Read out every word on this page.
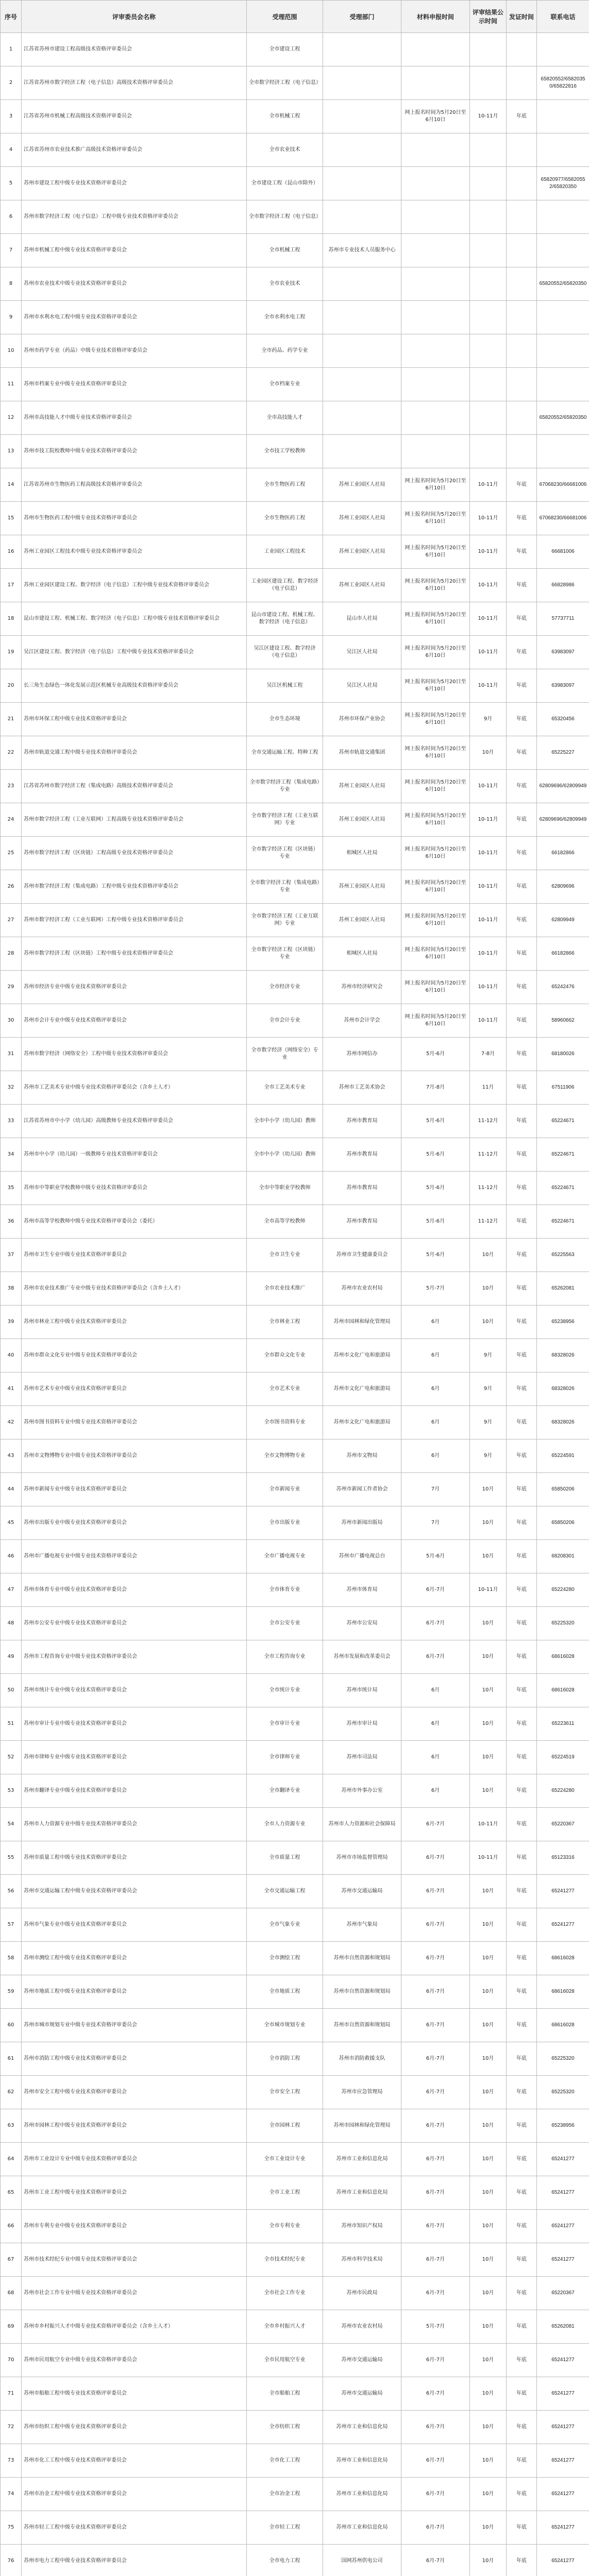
序号	评审委员会名称	受理范围	受理部门	材料申报时间	评审结果公示时间	发证时间	联系电话
1	江苏省苏州市建设工程高级技术资格评审委员会	全市建设工程					
2	江苏省苏州市数字经济工程（电子信息）高级技术资格评审委员会	全市数字经济工程（电子信息）					65820552/65820350/65822816
3	江苏省苏州市机械工程高级技术资格评审委员会	全市机械工程		网上报名时间为5月20日至6月10日	10-11月	年底	
4	江苏省苏州市农业技术推广高级技术资格评审委员会	全市农业技术					
5	苏州市建设工程中级专业技术资格评审委员会	全市建设工程（昆山市除外）					65820977/65820552/65820350
6	苏州市数字经济工程（电子信息）工程中级专业技术资格评审委员会	全市数字经济工程（电子信息）					
7	苏州市机械工程中级专业技术资格评审委员会	全市机械工程	苏州市专业技术人员服务中心				
8	苏州市农业技术中级专业技术资格评审委员会	全市农业技术					65820552/65820350
9	苏州市水利水电工程中级专业技术资格评审委员会	全市水利水电工程					
10	苏州市药学专业（药品）中级专业技术资格评审委员会	全市药品、药学专业					
11	苏州市档案专业中级专业技术资格评审委员会	全市档案专业					
12	苏州市高技能人才中级专业技术资格评审委员会	全市高技能人才					65820552/65820350
13	苏州市技工院校教师中级专业技术资格评审委员会	全市技工学校教师					
14	江苏省苏州市生物医药工程高级技术资格评审委员会	全市生物医药工程	苏州工业园区人社局	网上报名时间为5月20日至6月10日	10-11月	年底	67068230/66681006
15	苏州市生物医药工程中级专业技术资格评审委员会	全市生物医药工程	苏州工业园区人社局	网上报名时间为5月20日至6月10日	10-11月	年底	67068230/66681006
16	苏州工业园区工程技术中级专业技术资格评审委员会	工业园区工程技术	苏州工业园区人社局	网上报名时间为5月20日至6月10日	10-11月	年底	66681006
17	苏州工业园区建设工程、数字经济（电子信息）工程中级专业技术资格评审委员会	工业园区建设工程、数字经济（电子信息）	苏州工业园区人社局	网上报名时间为5月20日至6月10日	10-11月	年底	66828986
18	昆山市建设工程、机械工程、数字经济（电子信息）工程中级专业技术资格评审委员会	昆山市建设工程、机械工程、数字经济（电子信息）	昆山市人社局	网上报名时间为5月20日至6月10日	10-11月	年底	57737711
19	吴江区建设工程、数字经济（电子信息）工程中级专业技术资格评审委员会	吴江区建设工程、数字经济（电子信息）	吴江区人社局	网上报名时间为5月20日至6月10日	10-11月	年底	63983097
20	长三角生态绿色一体化发展示范区机械专业高级技术资格评审委员会	吴江区机械工程	吴江区人社局	网上报名时间为5月20日至6月10日	10-11月	年底	63983097
21	苏州市环保工程中级专业技术资格评审委员会	全市生态环境	苏州市环保产业协会	网上报名时间为5月20日至6月10日	9月	年底	65320456
22	苏州市轨道交通工程中级专业技术资格评审委员会	全市交通运输工程、特种工程	苏州市轨道交通集团	网上报名时间为5月20日至6月10日	10月	年底	65225227
23	江苏省苏州市数字经济工程（集成电路）高级技术资格评审委员会	全市数字经济工程（集成电路）专业	苏州工业园区人社局	网上报名时间为5月20日至6月10日	10-11月	年底	62809696/62809949
24	苏州市数字经济工程（工业互联网）工程高级专业技术资格评审委员会	全市数字经济工程（工业互联网）专业	苏州工业园区人社局	网上报名时间为5月20日至6月10日	10-11月	年底	62809696/62809949
25	苏州市数字经济工程（区块链）工程高级专业技术资格评审委员会	全市数字经济工程（区块链）专业	相城区人社局	网上报名时间为5月20日至6月10日	10-11月	年底	66182866
26	苏州市数字经济工程（集成电路）工程中级专业技术资格评审委员会	全市数字经济工程（集成电路）专业	苏州工业园区人社局	网上报名时间为5月20日至6月10日	10-11月	年底	62809696
27	苏州市数字经济工程（工业互联网）工程中级专业技术资格评审委员会	全市数字经济工程（工业互联网）专业	苏州工业园区人社局	网上报名时间为5月20日至6月10日	10-11月	年底	62809949
28	苏州市数字经济工程（区块链）工程中级专业技术资格评审委员会	全市数字经济工程（区块链）专业	相城区人社局	网上报名时间为5月20日至6月10日	10-11月	年底	66182866
29	苏州市经济专业中级专业技术资格评审委员会	全市经济专业	苏州市经济研究会	网上报名时间为5月20日至6月10日	10-11月	年底	65242476
30	苏州市会计专业中级专业技术资格评审委员会	全市会计专业	苏州市会计学会	网上报名时间为5月20日至6月10日	10-11月	年底	58960662
31	苏州市数字经济（网络安全）工程中级专业技术资格评审委员会	全市数字经济（网络安全）专业	苏州市网信办	5月-6月	7-8月	年底	68180026
32	苏州市工艺美术专业中级专业技术资格评审委员会（含乡土人才）	全市工艺美术专业	苏州市工艺美术协会	7月-8月	11月	年底	67511906
33	江苏省苏州市中小学（幼儿园）高级教师专业技术资格评审委员会	全市中小学（幼儿园）教师	苏州市教育局	5月-6月	11-12月	年底	65224671
34	苏州市中小学（幼儿园）一级教师专业技术资格评审委员会	全市中小学（幼儿园）教师	苏州市教育局	5月-6月	11-12月	年底	65224671
35	苏州市中等职业学校教师中级专业技术资格评审委员会	全市中等职业学校教师	苏州市教育局	5月-6月	11-12月	年底	65224671
36	苏州市高等学校教师中级专业技术资格评审委员会（委托）	全市高等学校教师	苏州市教育局	5月-6月	11-12月	年底	65224671
37	苏州市卫生专业中级专业技术资格评审委员会	全市卫生专业	苏州市卫生健康委员会	5月-6月	10月	年底	65225563
38	苏州市农业技术推广专业中级专业技术资格评审委员会（含乡土人才）	全市农业技术推广	苏州市农业农村局	5月-7月	10月	年底	65262081
39	苏州市林业工程中级专业技术资格评审委员会	全市林业工程	苏州市园林和绿化管理局	6月	10月	年底	65238956
40	苏州市群众文化专业中级专业技术资格评审委员会	全市群众文化专业	苏州市文化广电和旅游局	6月	9月	年底	68328026
41	苏州市艺术专业中级专业技术资格评审委员会	全市艺术专业	苏州市文化广电和旅游局	6月	9月	年底	68328026
42	苏州市图书资料专业中级专业技术资格评审委员会	全市图书资料专业	苏州市文化广电和旅游局	6月	9月	年底	68328026
43	苏州市文物博物专业中级专业技术资格评审委员会	全市文物博物专业	苏州市文物局	6月	9月	年底	65224591
44	苏州市新闻专业中级专业技术资格评审委员会	全市新闻专业	苏州市新闻工作者协会	7月	10月	年底	65850206
45	苏州市出版专业中级专业技术资格评审委员会	全市出版专业	苏州市新闻出版局	7月	10月	年底	65850206
46	苏州市广播电视专业中级专业技术资格评审委员会	全市广播电视专业	苏州市广播电视总台	5月-6月	10月	年底	68208301
47	苏州市体育专业中级专业技术资格评审委员会	全市体育专业	苏州市体育局	6月-7月	10-11月	年底	65224280
48	苏州市公安专业中级专业技术资格评审委员会	全市公安专业	苏州市公安局	6月-7月	10月	年底	65225320
49	苏州市工程咨询专业中级专业技术资格评审委员会	全市工程咨询专业	苏州市发展和改革委员会	6月-7月	10月	年底	68616028
50	苏州市统计专业中级专业技术资格评审委员会	全市统计专业	苏州市统计局	6月	10月	年底	68616028
51	苏州市审计专业中级专业技术资格评审委员会	全市审计专业	苏州市审计局	6月	10月	年底	65223611
52	苏州市律师专业中级专业技术资格评审委员会	全市律师专业	苏州市司法局	6月	10月	年底	65224519
53	苏州市翻译专业中级专业技术资格评审委员会	全市翻译专业	苏州市外事办公室	6月	10月	年底	65224280
54	苏州市人力资源专业中级专业技术资格评审委员会	全市人力资源专业	苏州市人力资源和社会保障局	6月-7月	10-11月	年底	65220367
55	苏州市质量工程中级专业技术资格评审委员会	全市质量工程	苏州市市场监督管理局	6月-7月	10-11月	年底	65123316
56	苏州市交通运输工程中级专业技术资格评审委员会	全市交通运输工程	苏州市交通运输局	6月-7月	10月	年底	65241277
57	苏州市气象专业中级专业技术资格评审委员会	全市气象专业	苏州市气象局	6月-7月	10月	年底	65241277
58	苏州市测绘工程中级专业技术资格评审委员会	全市测绘工程	苏州市自然资源和规划局	6月-7月	10月	年底	68616028
59	苏州市地质工程中级专业技术资格评审委员会	全市地质工程	苏州市自然资源和规划局	6月-7月	10月	年底	68616028
60	苏州市城市规划专业中级专业技术资格评审委员会	全市城市规划专业	苏州市自然资源和规划局	6月-7月	10月	年底	68616028
61	苏州市消防工程中级专业技术资格评审委员会	全市消防工程	苏州市消防救援支队	6月-7月	10月	年底	65225320
62	苏州市安全工程中级专业技术资格评审委员会	全市安全工程	苏州市应急管理局	6月-7月	10月	年底	65225320
63	苏州市园林工程中级专业技术资格评审委员会	全市园林工程	苏州市园林和绿化管理局	6月-7月	10月	年底	65238956
64	苏州市工业设计专业中级专业技术资格评审委员会	全市工业设计专业	苏州市工业和信息化局	6月-7月	10月	年底	65241277
65	苏州市工业工程中级专业技术资格评审委员会	全市工业工程	苏州市工业和信息化局	6月-7月	10月	年底	65241277
66	苏州市专利专业中级专业技术资格评审委员会	全市专利专业	苏州市知识产权局	6月-7月	10月	年底	65241277
67	苏州市技术经纪专业中级专业技术资格评审委员会	全市技术经纪专业	苏州市科学技术局	6月-7月	10月	年底	65241277
68	苏州市社会工作专业中级专业技术资格评审委员会	全市社会工作专业	苏州市民政局	6月-7月	10月	年底	65220367
69	苏州市乡村振兴人才中级专业技术资格评审委员会（含乡土人才）	全市乡村振兴人才	苏州市农业农村局	5月-7月	10月	年底	65262081
70	苏州市民用航空专业中级专业技术资格评审委员会	全市民用航空专业	苏州市交通运输局	6月-7月	10月	年底	65241277
71	苏州市船舶工程中级专业技术资格评审委员会	全市船舶工程	苏州市交通运输局	6月-7月	10月	年底	65241277
72	苏州市纺织工程中级专业技术资格评审委员会	全市纺织工程	苏州市工业和信息化局	6月-7月	10月	年底	65241277
73	苏州市化工工程中级专业技术资格评审委员会	全市化工工程	苏州市工业和信息化局	6月-7月	10月	年底	65241277
74	苏州市冶金工程中级专业技术资格评审委员会	全市冶金工程	苏州市工业和信息化局	6月-7月	10月	年底	65241277
75	苏州市轻工工程中级专业技术资格评审委员会	全市轻工工程	苏州市工业和信息化局	6月-7月	10月	年底	65241277
76	苏州市电力工程中级专业技术资格评审委员会	全市电力工程	国网苏州供电公司	6月-7月	10月	年底	65241277
